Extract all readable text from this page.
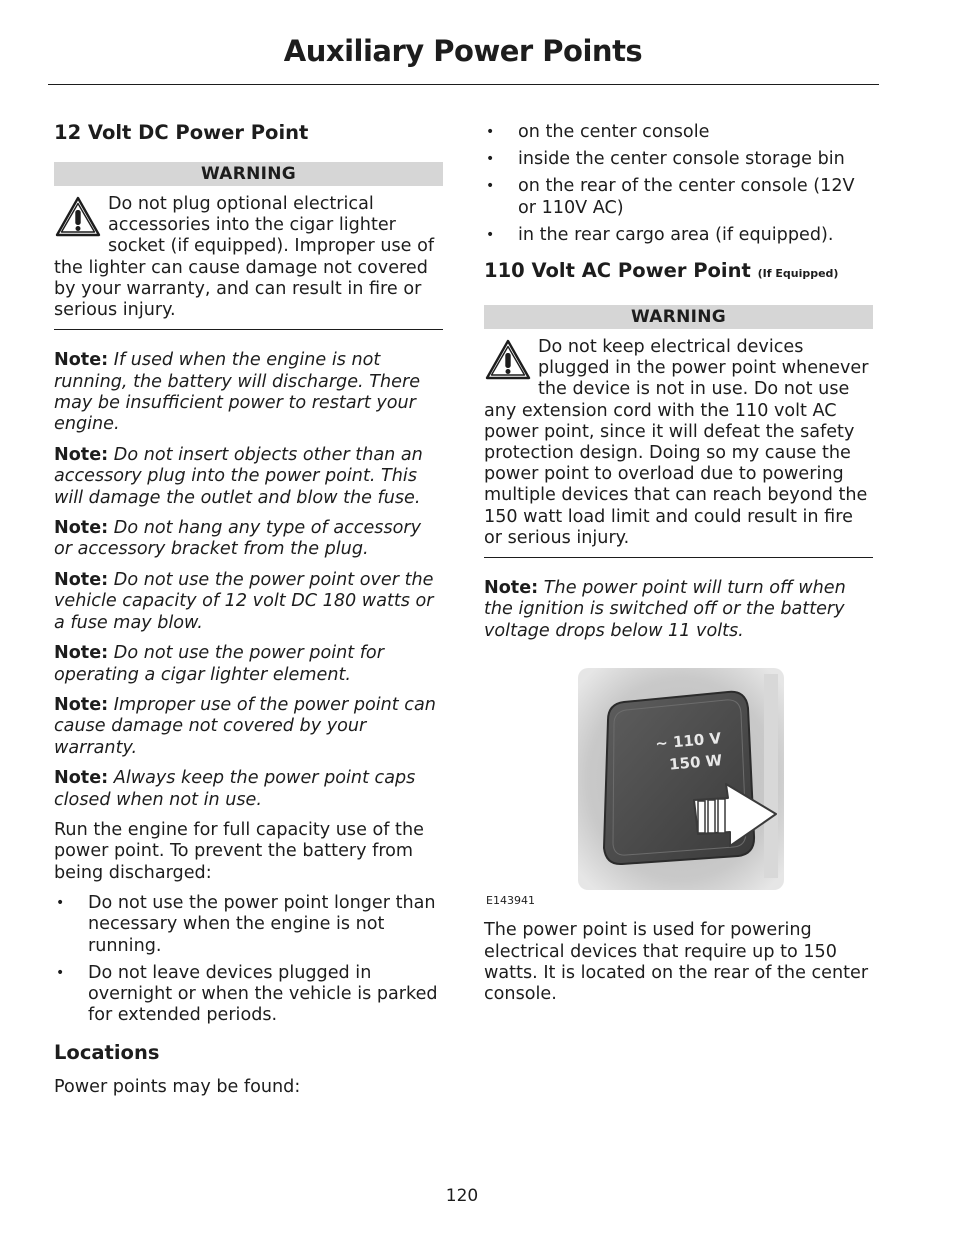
Auxiliary Power Points
12 Volt DC Power Point
WARNING
Do not plug optional electrical accessories into the cigar lighter socket (if equipped). Improper use of the lighter can cause damage not covered by your warranty, and can result in fire or serious injury.

Note: If used when the engine is not running, the battery will discharge. There may be insufficient power to restart your engine.

Note: Do not insert objects other than an accessory plug into the power point. This will damage the outlet and blow the fuse.

Note: Do not hang any type of accessory or accessory bracket from the plug.

Note: Do not use the power point over the vehicle capacity of 12 volt DC 180 watts or a fuse may blow.

Note: Do not use the power point for operating a cigar lighter element.

Note: Improper use of the power point can cause damage not covered by your warranty.

Note: Always keep the power point caps closed when not in use.

Run the engine for full capacity use of the power point. To prevent the battery from being discharged:

• Do not use the power point longer than necessary when the engine is not running.
• Do not leave devices plugged in overnight or when the vehicle is parked for extended periods.
Locations

Power points may be found:

• on the center console
• inside the center console storage bin
• on the rear of the center console (12V or 110V AC)
• in the rear cargo area (if equipped).
110 Volt AC Power Point (If Equipped)
WARNING
Do not keep electrical devices plugged in the power point whenever the device is not in use. Do not use any extension cord with the 110 volt AC power point, since it will defeat the safety protection design. Doing so my cause the power point to overload due to powering multiple devices that can reach beyond the 150 watt load limit and could result in fire or serious injury.

Note: The power point will turn off when the ignition is switched off or the battery voltage drops below 11 volts.

~ 110 V
150 W
E143941

The power point is used for powering electrical devices that require up to 150 watts. It is located on the rear of the center console.

120
